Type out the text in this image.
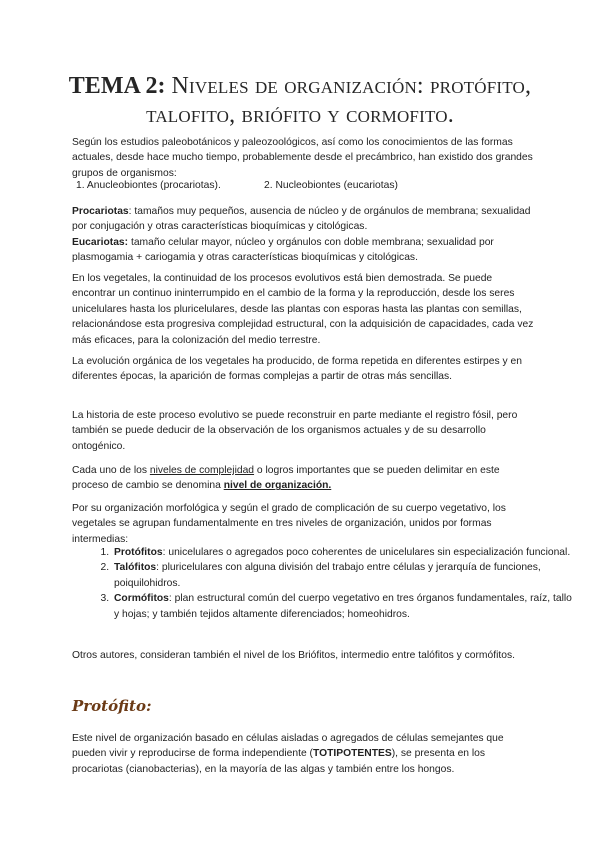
TEMA 2: Niveles de organización: protófito, talofito, briófito y cormofito.

Según los estudios paleobotánicos y paleozoológicos, así como los conocimientos de las formas actuales, desde hace mucho tiempo, probablemente desde el precámbrico, han existido dos grandes grupos de organismos:

1. Anucleobiontes (procariotas).	2. Nucleobiontes (eucariotas)

Procariotas: tamaños muy pequeños, ausencia de núcleo y de orgánulos de membrana; sexualidad por conjugación y otras características bioquímicas y citológicas.

Eucariotas: tamaño celular mayor, núcleo y orgánulos con doble membrana; sexualidad por plasmogamia + cariogamia y otras características bioquímicas y citológicas.

En los vegetales, la continuidad de los procesos evolutivos está bien demostrada. Se puede encontrar un continuo ininterrumpido en el cambio de la forma y la reproducción, desde los seres unicelulares hasta los pluricelulares, desde las plantas con esporas hasta las plantas con semillas, relacionándose esta progresiva complejidad estructural, con la adquisición de capacidades, cada vez más eficaces, para la colonización del medio terrestre.

La evolución orgánica de los vegetales ha producido, de forma repetida en diferentes estirpes y en diferentes épocas, la aparición de formas complejas a partir de otras más sencillas.

La historia de este proceso evolutivo se puede reconstruir en parte mediante el registro fósil, pero también se puede deducir de la observación de los organismos actuales y de su desarrollo ontogénico.

Cada uno de los niveles de complejidad o logros importantes que se pueden delimitar en este proceso de cambio se denomina nivel de organización.

Por su organización morfológica y según el grado de complicación de su cuerpo vegetativo, los vegetales se agrupan fundamentalmente en tres niveles de organización, unidos por formas intermedias:

1. Protófitos: unicelulares o agregados poco coherentes de unicelulares sin especialización funcional.
2. Talófitos: pluricelulares con alguna división del trabajo entre células y jerarquía de funciones, poiquilohidros.
3. Cormófitos: plan estructural común del cuerpo vegetativo en tres órganos fundamentales, raíz, tallo y hojas; y también tejidos altamente diferenciados; homeohidros.

Otros autores, consideran también el nivel de los Briófitos, intermedio entre talófitos y cormófitos.

Protófito:

Este nivel de organización basado en células aisladas o agregados de células semejantes que pueden vivir y reproducirse de forma independiente (TOTIPOTENTES), se presenta en los procariotas (cianobacterias), en la mayoría de las algas y también entre los hongos.
